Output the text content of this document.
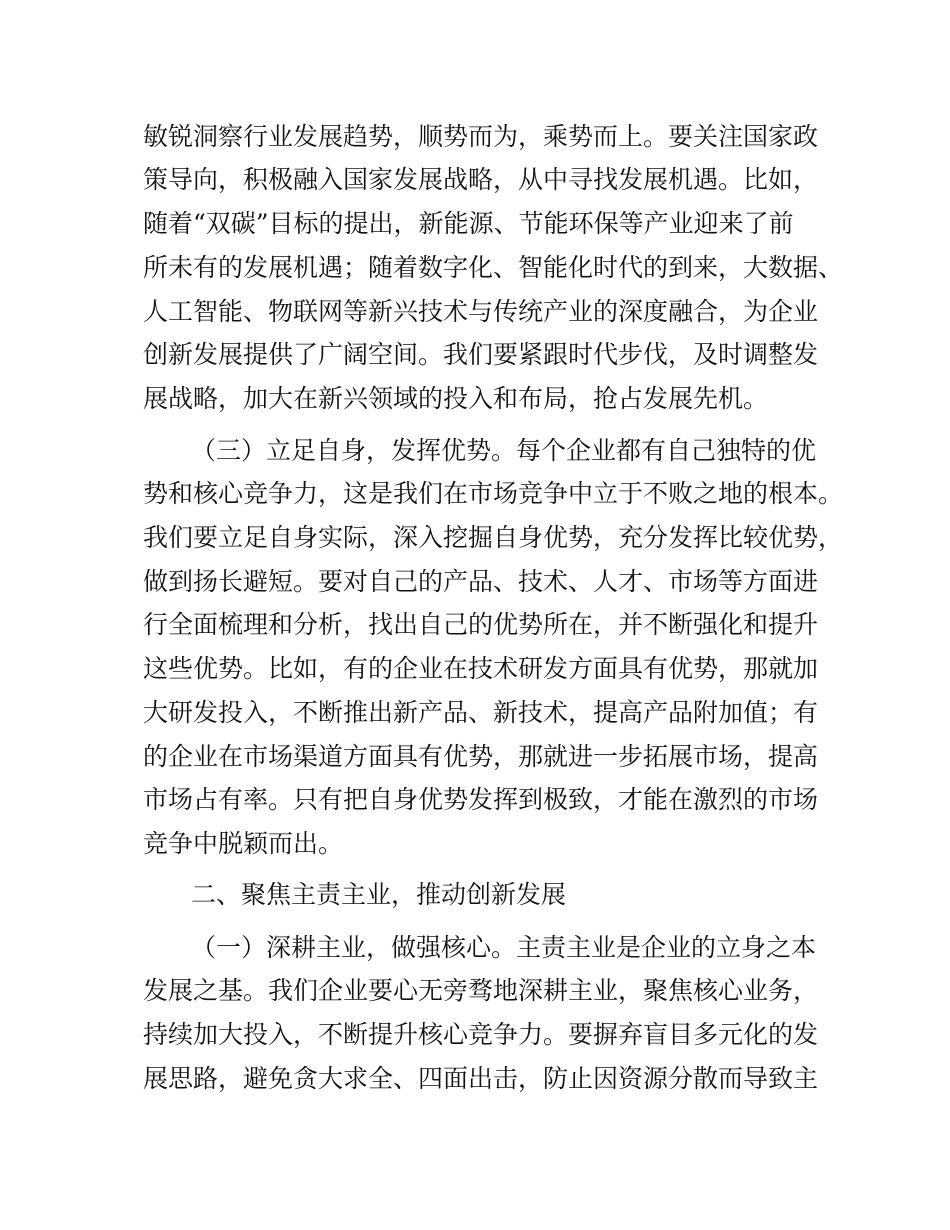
敏锐洞察行业发展趋势，顺势而为，乘势而上。要关注国家政
策导向，积极融入国家发展战略，从中寻找发展机遇。比如，
随着“双碳”目标的提出，新能源、节能环保等产业迎来了前
所未有的发展机遇；随着数字化、智能化时代的到来，大数据、
人工智能、物联网等新兴技术与传统产业的深度融合，为企业
创新发展提供了广阔空间。我们要紧跟时代步伐，及时调整发
展战略，加大在新兴领域的投入和布局，抢占发展先机。
（三）立足自身，发挥优势。每个企业都有自己独特的优
势和核心竞争力，这是我们在市场竞争中立于不败之地的根本。
我们要立足自身实际，深入挖掘自身优势，充分发挥比较优势，
做到扬长避短。要对自己的产品、技术、人才、市场等方面进
行全面梳理和分析，找出自己的优势所在，并不断强化和提升
这些优势。比如，有的企业在技术研发方面具有优势，那就加
大研发投入，不断推出新产品、新技术，提高产品附加值；有
的企业在市场渠道方面具有优势，那就进一步拓展市场，提高
市场占有率。只有把自身优势发挥到极致，才能在激烈的市场
竞争中脱颖而出。
二、聚焦主责主业，推动创新发展
（一）深耕主业，做强核心。主责主业是企业的立身之本
发展之基。我们企业要心无旁骛地深耕主业，聚焦核心业务，
持续加大投入，不断提升核心竞争力。要摒弃盲目多元化的发
展思路，避免贪大求全、四面出击，防止因资源分散而导致主
